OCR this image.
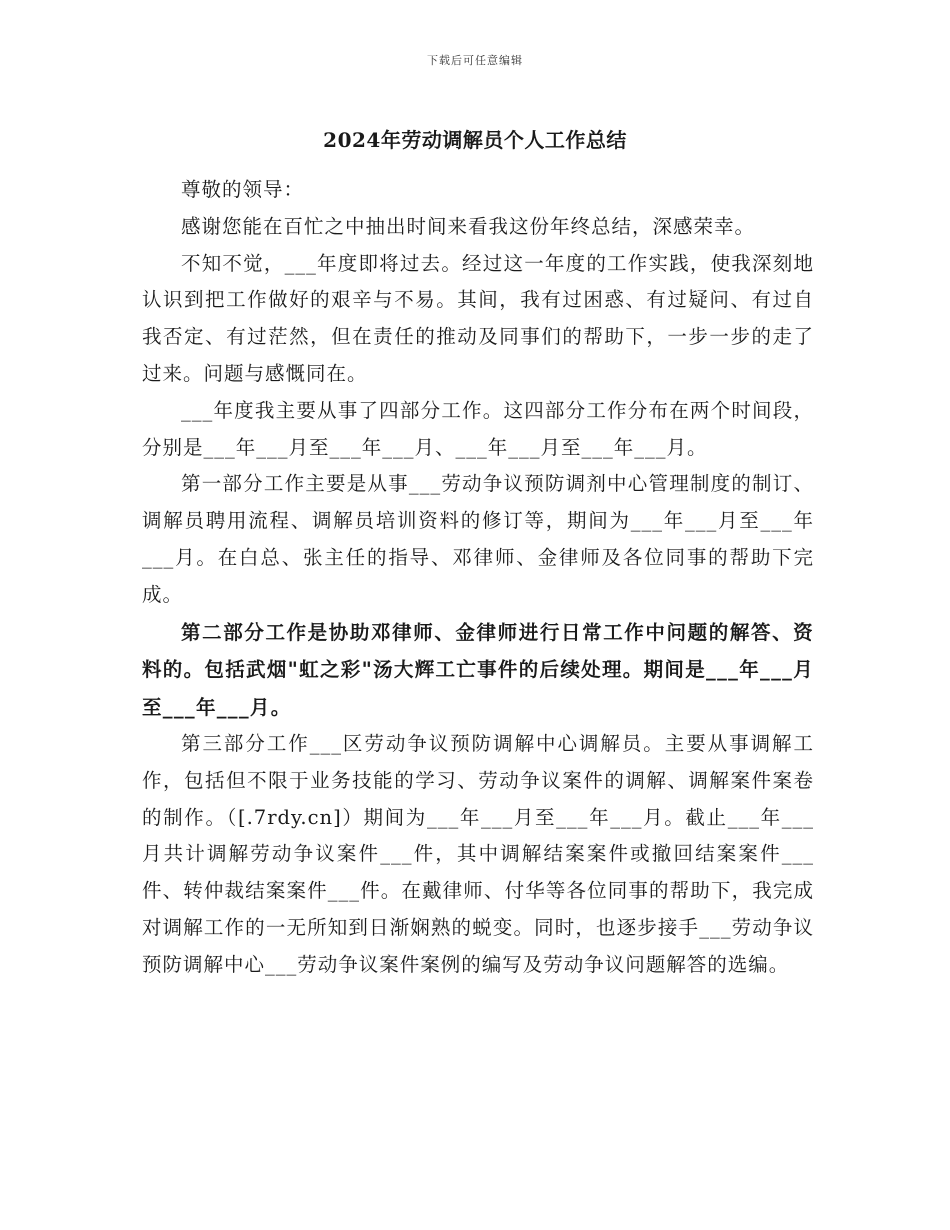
下载后可任意编辑
2024年劳动调解员个人工作总结

尊敬的领导：

感谢您能在百忙之中抽出时间来看我这份年终总结，深感荣幸。

不知不觉，___年度即将过去。经过这一年度的工作实践，使我深刻地认识到把工作做好的艰辛与不易。其间，我有过困惑、有过疑问、有过自我否定、有过茫然，但在责任的推动及同事们的帮助下，一步一步的走了过来。问题与感慨同在。

___年度我主要从事了四部分工作。这四部分工作分布在两个时间段，分别是___年___月至___年___月、___年___月至___年___月。

第一部分工作主要是从事___劳动争议预防调剂中心管理制度的制订、调解员聘用流程、调解员培训资料的修订等，期间为___年___月至___年___月。在白总、张主任的指导、邓律师、金律师及各位同事的帮助下完成。

第二部分工作是协助邓律师、金律师进行日常工作中问题的解答、资料的。包括武烟"虹之彩"汤大辉工亡事件的后续处理。期间是___年___月至___年___月。

第三部分工作___区劳动争议预防调解中心调解员。主要从事调解工作，包括但不限于业务技能的学习、劳动争议案件的调解、调解案件案卷的制作。（[.7rdy.cn]）期间为___年___月至___年___月。截止___年___月共计调解劳动争议案件___件，其中调解结案案件或撤回结案案件___件、转仲裁结案案件___件。在戴律师、付华等各位同事的帮助下，我完成对调解工作的一无所知到日渐娴熟的蜕变。同时，也逐步接手___劳动争议预防调解中心___劳动争议案件案例的编写及劳动争议问题解答的选编。
